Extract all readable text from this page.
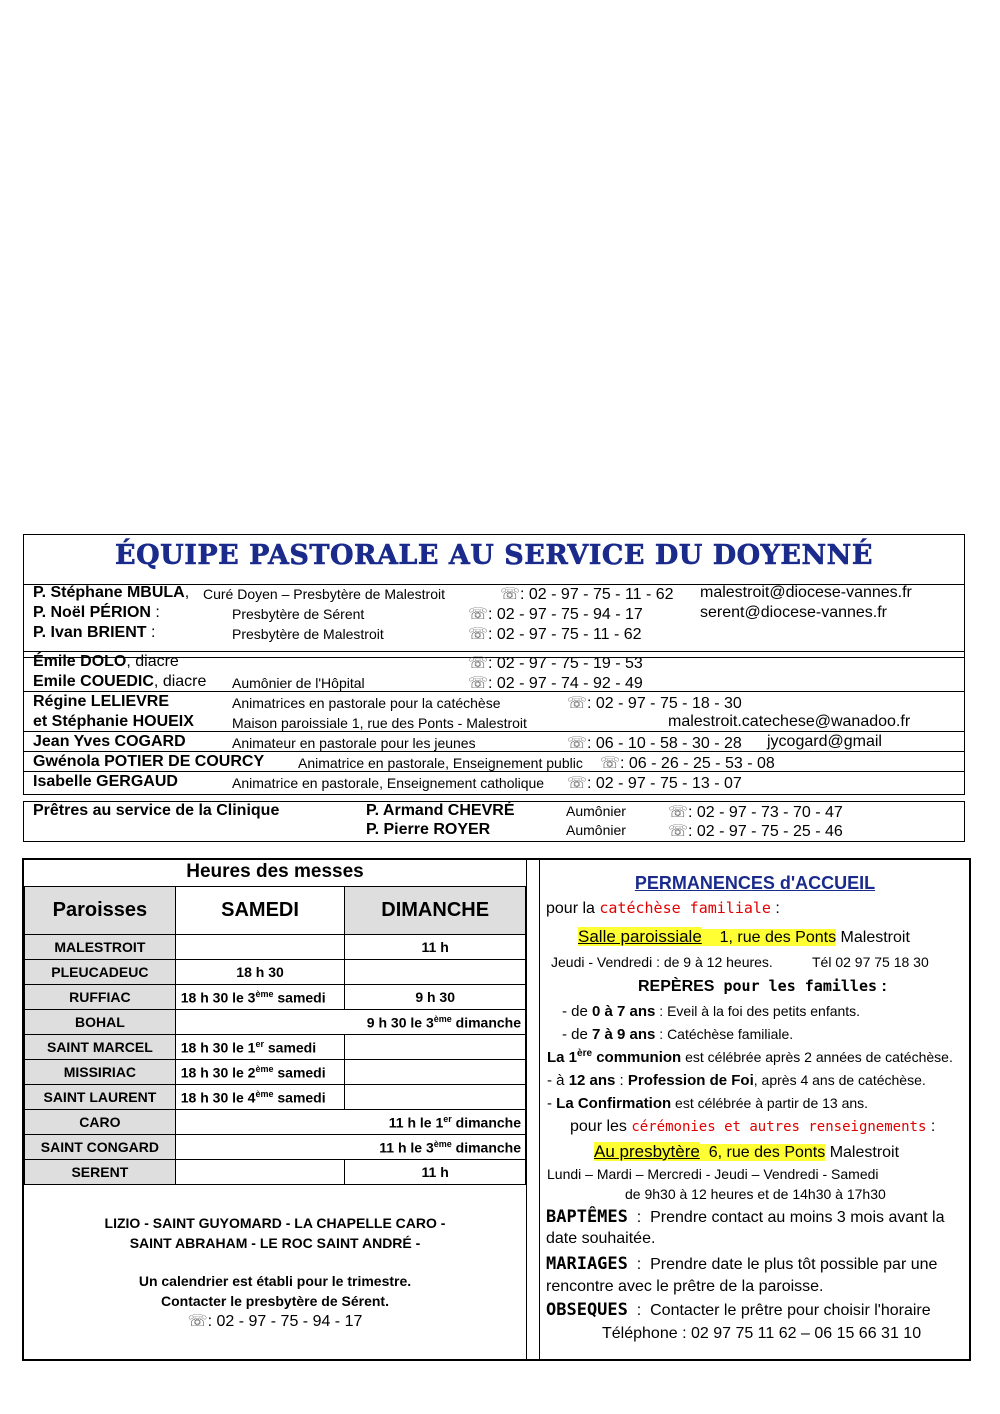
ÉQUIPE PASTORALE AU SERVICE DU DOYENNÉ
P. Stéphane MBULA, Curé Doyen – Presbytère de Malestroit	☏: 02 - 97 - 75 - 11 - 62 malestroit@diocese-vannes.fr
P. Noël PÉRION :	Presbytère de Sérent	☏: 02 - 97 - 75 - 94 - 17	serent@diocese-vannes.fr
P. Ivan BRIENT :	Presbytère de Malestroit	☏: 02 - 97 - 75 - 11 - 62
Émile DOLO, diacre	☏: 02 - 97 - 75 - 19 - 53
Emile COUEDIC, diacre Aumônier de l'Hôpital	☏: 02 - 97 - 74 - 92 - 49
Régine LELIEVRE	Animatrices en pastorale pour la catéchèse	☏: 02 - 97 - 75 - 18 - 30
et Stéphanie HOUEIX	Maison paroissiale 1, rue des Ponts - Malestroit	malestroit.catechese@wanadoo.fr
Jean Yves COGARD	Animateur en pastorale pour les jeunes	☏: 06 - 10 - 58 - 30 - 28 jycogard@gmail
Gwénola POTIER DE COURCY Animatrice en pastorale, Enseignement public ☏: 06 - 26 - 25 - 53 - 08
Isabelle GERGAUD	Animatrice en pastorale, Enseignement catholique ☏: 02 - 97 - 75 - 13 - 07
Prêtres au service de la Clinique	P. Armand CHEVRÉ	Aumônier	☏: 02 - 97 - 73 - 70 - 47
P. Pierre ROYER	Aumônier	☏: 02 - 97 - 75 - 25 - 46
Heures des messes
Paroisses	SAMEDI	DIMANCHE
MALESTROIT		11 h
PLEUCADEUC	18 h 30	
RUFFIAC	18 h 30 le 3ème samedi	9 h 30
BOHAL	9 h 30 le 3ème dimanche	
SAINT MARCEL	18 h 30 le 1er samedi	
MISSIRIAC	18 h 30 le 2ème samedi	
SAINT LAURENT	18 h 30 le 4ème samedi	
CARO	11 h le 1er dimanche	
SAINT CONGARD	11 h le 3ème dimanche	
SERENT		11 h
LIZIO - SAINT GUYOMARD - LA CHAPELLE CARO -
SAINT ABRAHAM - LE ROC SAINT ANDRÉ -
Un calendrier est établi pour le trimestre.
Contacter le presbytère de Sérent.
☏: 02 - 97 - 75 - 94 - 17
PERMANENCES d'ACCUEIL
pour la catéchèse familiale :
Salle paroissiale    1, rue des Ponts Malestroit
Jeudi - Vendredi : de 9 à 12 heures.	Tél 02 97 75 18 30
REPÈRES pour les familles :
- de 0 à 7 ans : Eveil à la foi des petits enfants.
- de 7 à 9 ans : Catéchèse familiale.
La 1ère communion est célébrée après 2 années de catéchèse.
- à 12 ans : Profession de Foi, après 4 ans de catéchèse.
- La Confirmation est célébrée à partir de 13 ans.
pour les cérémonies et autres renseignements :
Au presbytère  6, rue des Ponts Malestroit
Lundi – Mardi – Mercredi - Jeudi – Vendredi - Samedi
de 9h30 à 12 heures et de 14h30 à 17h30
BAPTÊMES  :  Prendre contact au moins 3 mois avant la
date souhaitée.
MARIAGES  :  Prendre date le plus tôt possible par une
rencontre avec le prêtre de la paroisse.
OBSEQUES  :  Contacter le prêtre pour choisir l'horaire
Téléphone : 02 97 75 11 62 – 06 15 66 31 10
